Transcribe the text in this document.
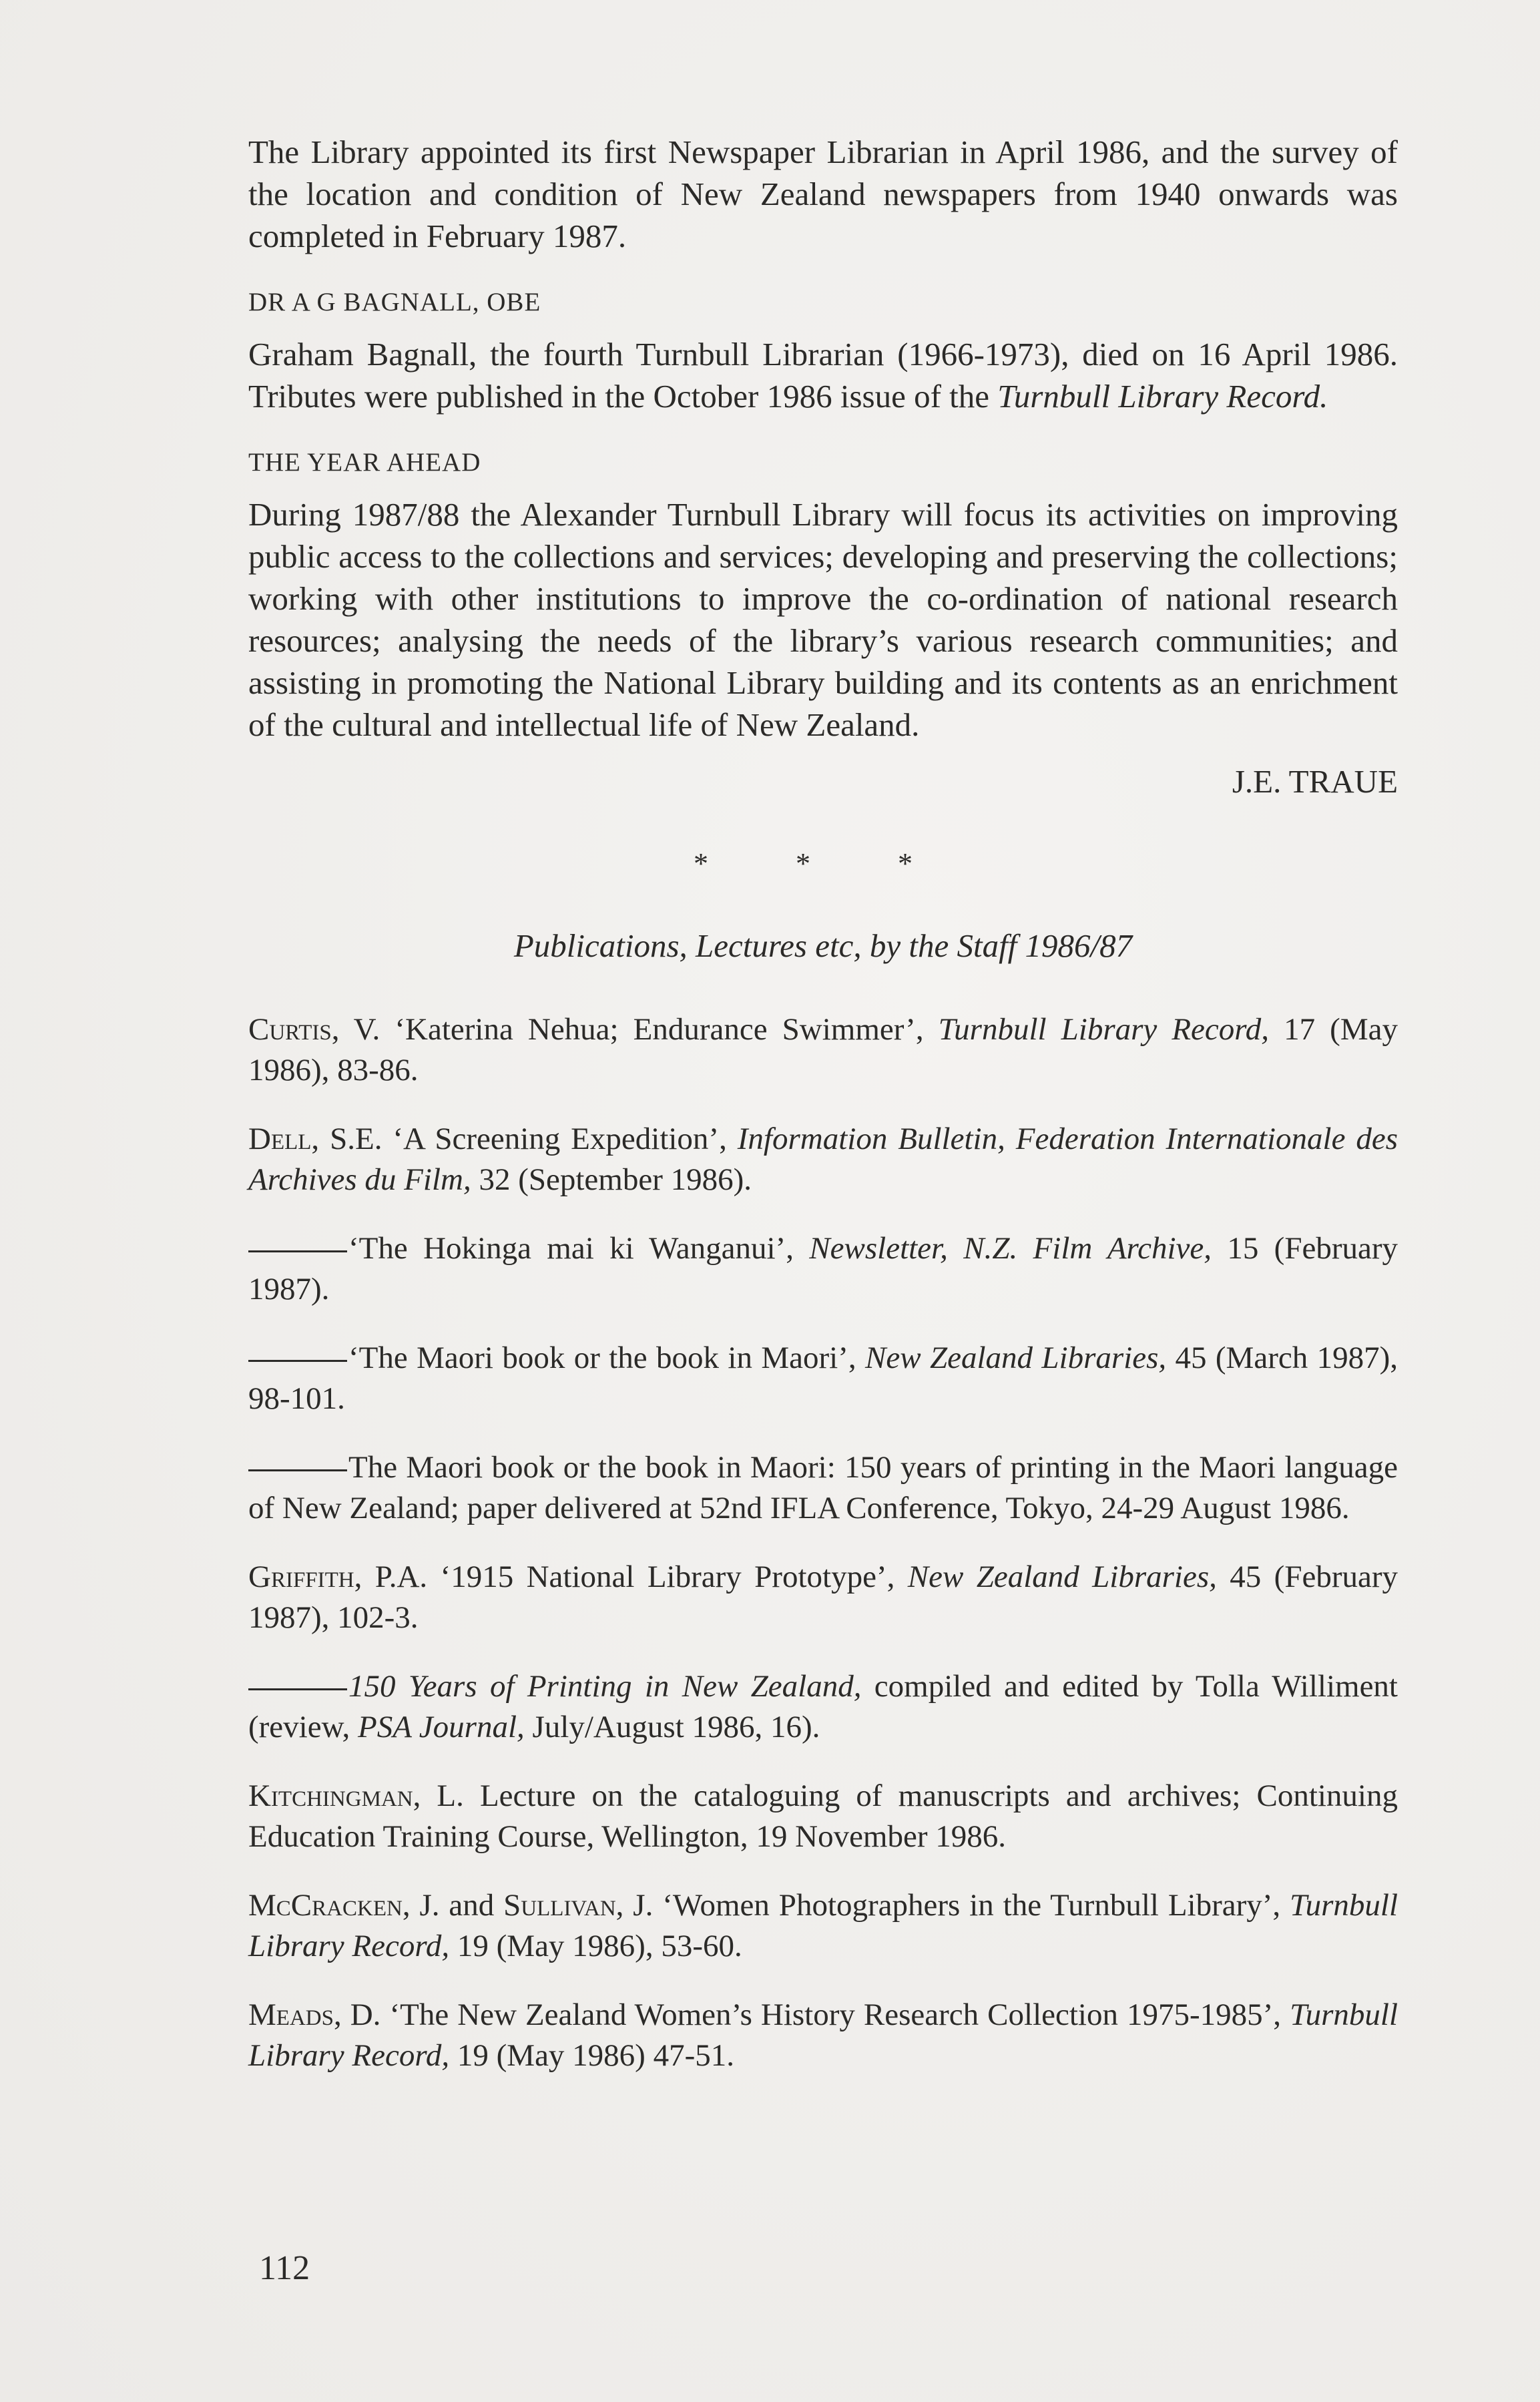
The Library appointed its first Newspaper Librarian in April 1986, and the survey of the location and condition of New Zealand newspapers from 1940 onwards was completed in February 1987.

DR A G BAGNALL, OBE

Graham Bagnall, the fourth Turnbull Librarian (1966-1973), died on 16 April 1986. Tributes were published in the October 1986 issue of the Turnbull Library Record.

THE YEAR AHEAD

During 1987/88 the Alexander Turnbull Library will focus its activities on improving public access to the collections and services; developing and preserving the collections; working with other institutions to improve the co-ordination of national research resources; analysing the needs of the library’s various research communities; and assisting in promoting the National Library building and its contents as an enrichment of the cultural and intellectual life of New Zealand.

J.E. TRAUE

* * *

Publications, Lectures etc, by the Staff 1986/87

Curtis, V. ‘Katerina Nehua; Endurance Swimmer’, Turnbull Library Record, 17 (May 1986), 83-86.

Dell, S.E. ‘A Screening Expedition’, Information Bulletin, Federation Internationale des Archives du Film, 32 (September 1986).

‘The Hokinga mai ki Wanganui’, Newsletter, N.Z. Film Archive, 15 (February 1987).

‘The Maori book or the book in Maori’, New Zealand Libraries, 45 (March 1987), 98-101.

The Maori book or the book in Maori: 150 years of printing in the Maori language of New Zealand; paper delivered at 52nd IFLA Conference, Tokyo, 24-29 August 1986.

Griffith, P.A. ‘1915 National Library Prototype’, New Zealand Libraries, 45 (February 1987), 102-3.

150 Years of Printing in New Zealand, compiled and edited by Tolla Williment (review, PSA Journal, July/August 1986, 16).

Kitchingman, L. Lecture on the cataloguing of manuscripts and archives; Continuing Education Training Course, Wellington, 19 November 1986.

McCracken, J. and Sullivan, J. ‘Women Photographers in the Turnbull Library’, Turnbull Library Record, 19 (May 1986), 53-60.

Meads, D. ‘The New Zealand Women’s History Research Collection 1975-1985’, Turnbull Library Record, 19 (May 1986) 47-51.

112
